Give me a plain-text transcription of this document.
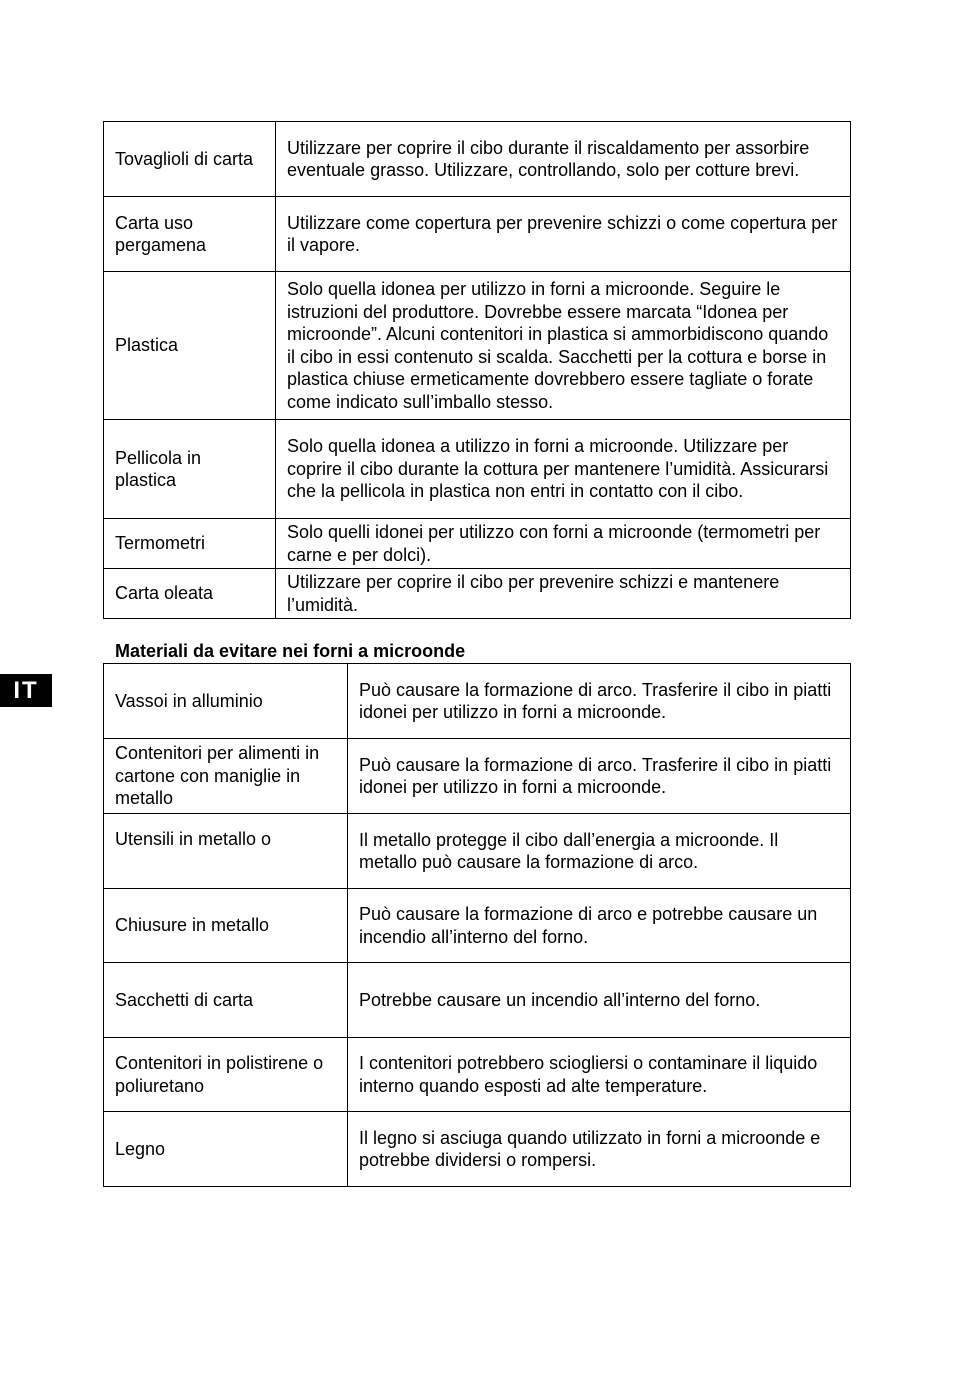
Tovaglioli di carta	Utilizzare per coprire il cibo durante il riscaldamento per assorbire eventuale grasso. Utilizzare, controllando, solo per cotture brevi.
Carta uso pergamena	Utilizzare come copertura per prevenire schizzi o come copertura per il vapore.
Plastica	Solo quella idonea per utilizzo in forni a microonde. Seguire le istruzioni del produttore. Dovrebbe essere marcata “Idonea per microonde”. Alcuni contenitori in plastica si ammorbidiscono quando il cibo in essi contenuto si scalda. Sacchetti per la cottura e borse in plastica chiuse ermeticamente dovrebbero essere tagliate o forate come indicato sull’imballo stesso.
Pellicola in plastica	Solo quella idonea a utilizzo in forni a microonde. Utilizzare per coprire il cibo durante la cottura per mantenere l’umidità. Assicurarsi che la pellicola in plastica non entri in contatto con il cibo.
Termometri	Solo quelli idonei per utilizzo con forni a microonde (termometri per carne e per dolci).
Carta oleata	Utilizzare per coprire il cibo per prevenire schizzi e mantenere l’umidità.

Materiali da evitare nei forni a microonde

IT	Vassoi in alluminio	Può causare la formazione di arco. Trasferire il cibo in piatti idonei per utilizzo in forni a microonde.
Contenitori per alimenti in cartone con maniglie in metallo	Può causare la formazione di arco. Trasferire il cibo in piatti idonei per utilizzo in forni a microonde.
Utensili in metallo o	Il metallo protegge il cibo dall’energia a microonde. Il metallo può causare la formazione di arco.
Chiusure in metallo	Può causare la formazione di arco e potrebbe causare un incendio all’interno del forno.
Sacchetti di carta	Potrebbe causare un incendio all’interno del forno.
Contenitori in polistirene o poliuretano	I contenitori potrebbero sciogliersi o contaminare il liquido interno quando esposti ad alte temperature.
Legno	Il legno si asciuga quando utilizzato in forni a microonde e potrebbe dividersi o rompersi.
